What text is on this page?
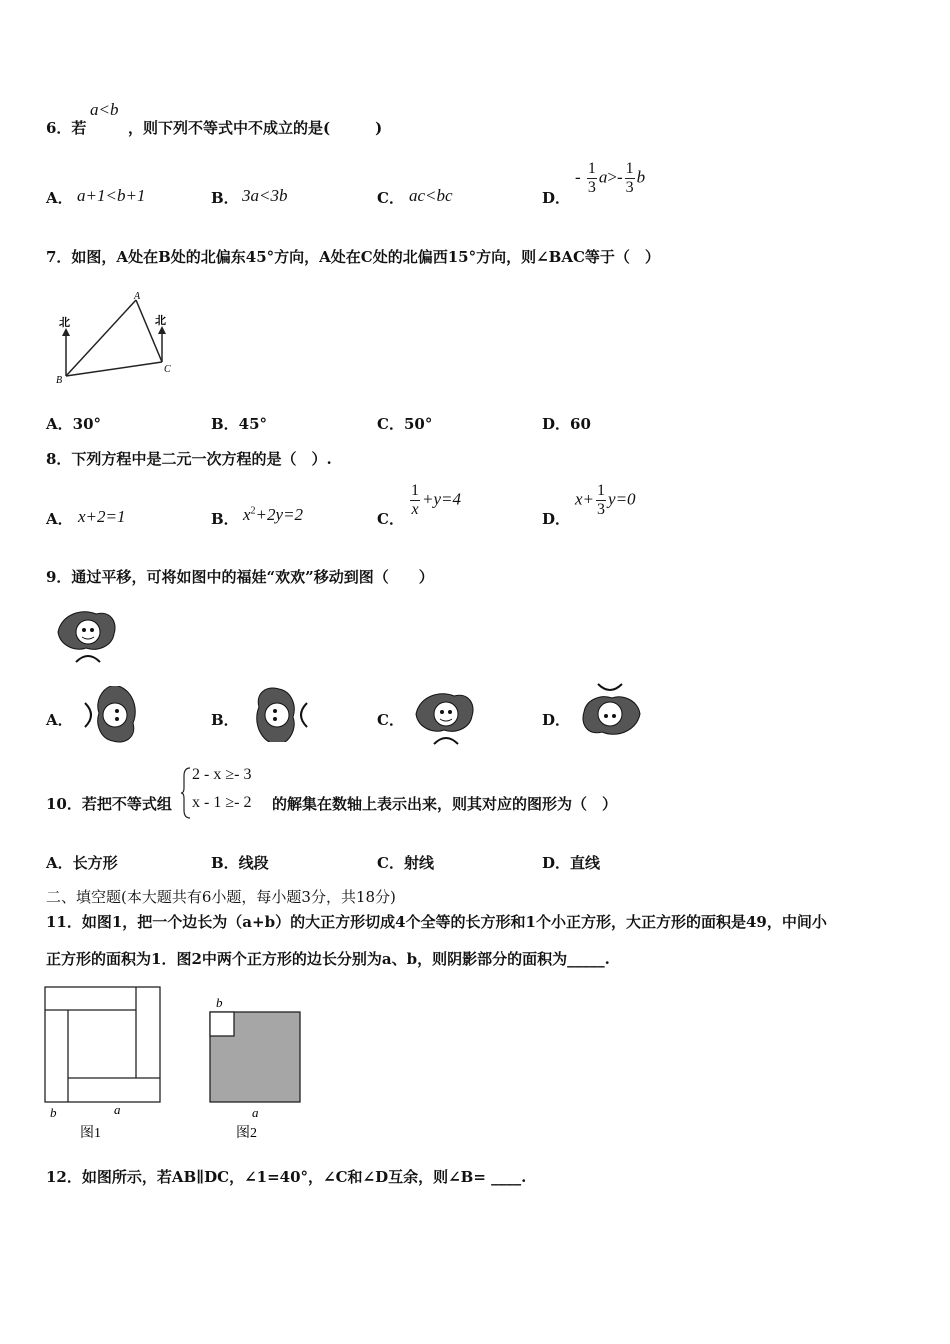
6．若
a<b
，则下列不等式中不成立的是(　　　)
A． a+1<b+1	B． 3a<3b	C． ac<bc	D．
- $\frac{1}{3} a>- \frac{1}{3}$ b
7．如图，A处在B处的北偏东45°方向，A处在C处的北偏西15°方向，则∠BAC等于（　）
北	北
A
B
C
A．30°	B．45°	C．50°	D．60
8．下列方程中是二元一次方程的是（　）.
A． x+2=1	B． $x^2+2y=2$	C． $\frac{1}{x} +y=4$
D．
$x+ \frac{1}{3} y=0$
9．通过平移，可将如图中的福娃“欢欢”移动到图（　　）
A．	B．	C．	D．
10．若把不等式组
2 - x ≥- 3
x - 1 ≥- 2 的解集在数轴上表示出来，则其对应的图形为（　）
A．长方形	B．线段	C．射线	D．直线
二、填空题(本大题共有6小题，每小题3分，共18分)
11．如图1，把一个边长为（a+b）的大正方形切成4个全等的长方形和1个小正方形，大正方形的面积是49，中间小
正方形的面积为1．图2中两个正方形的边长分别为a、b，则阴影部分的面积为_____.
b	a
图1
b
a
图2
12．如图所示，若AB∥DC，∠1=40°，∠C和∠D互余，则∠B= ____.
